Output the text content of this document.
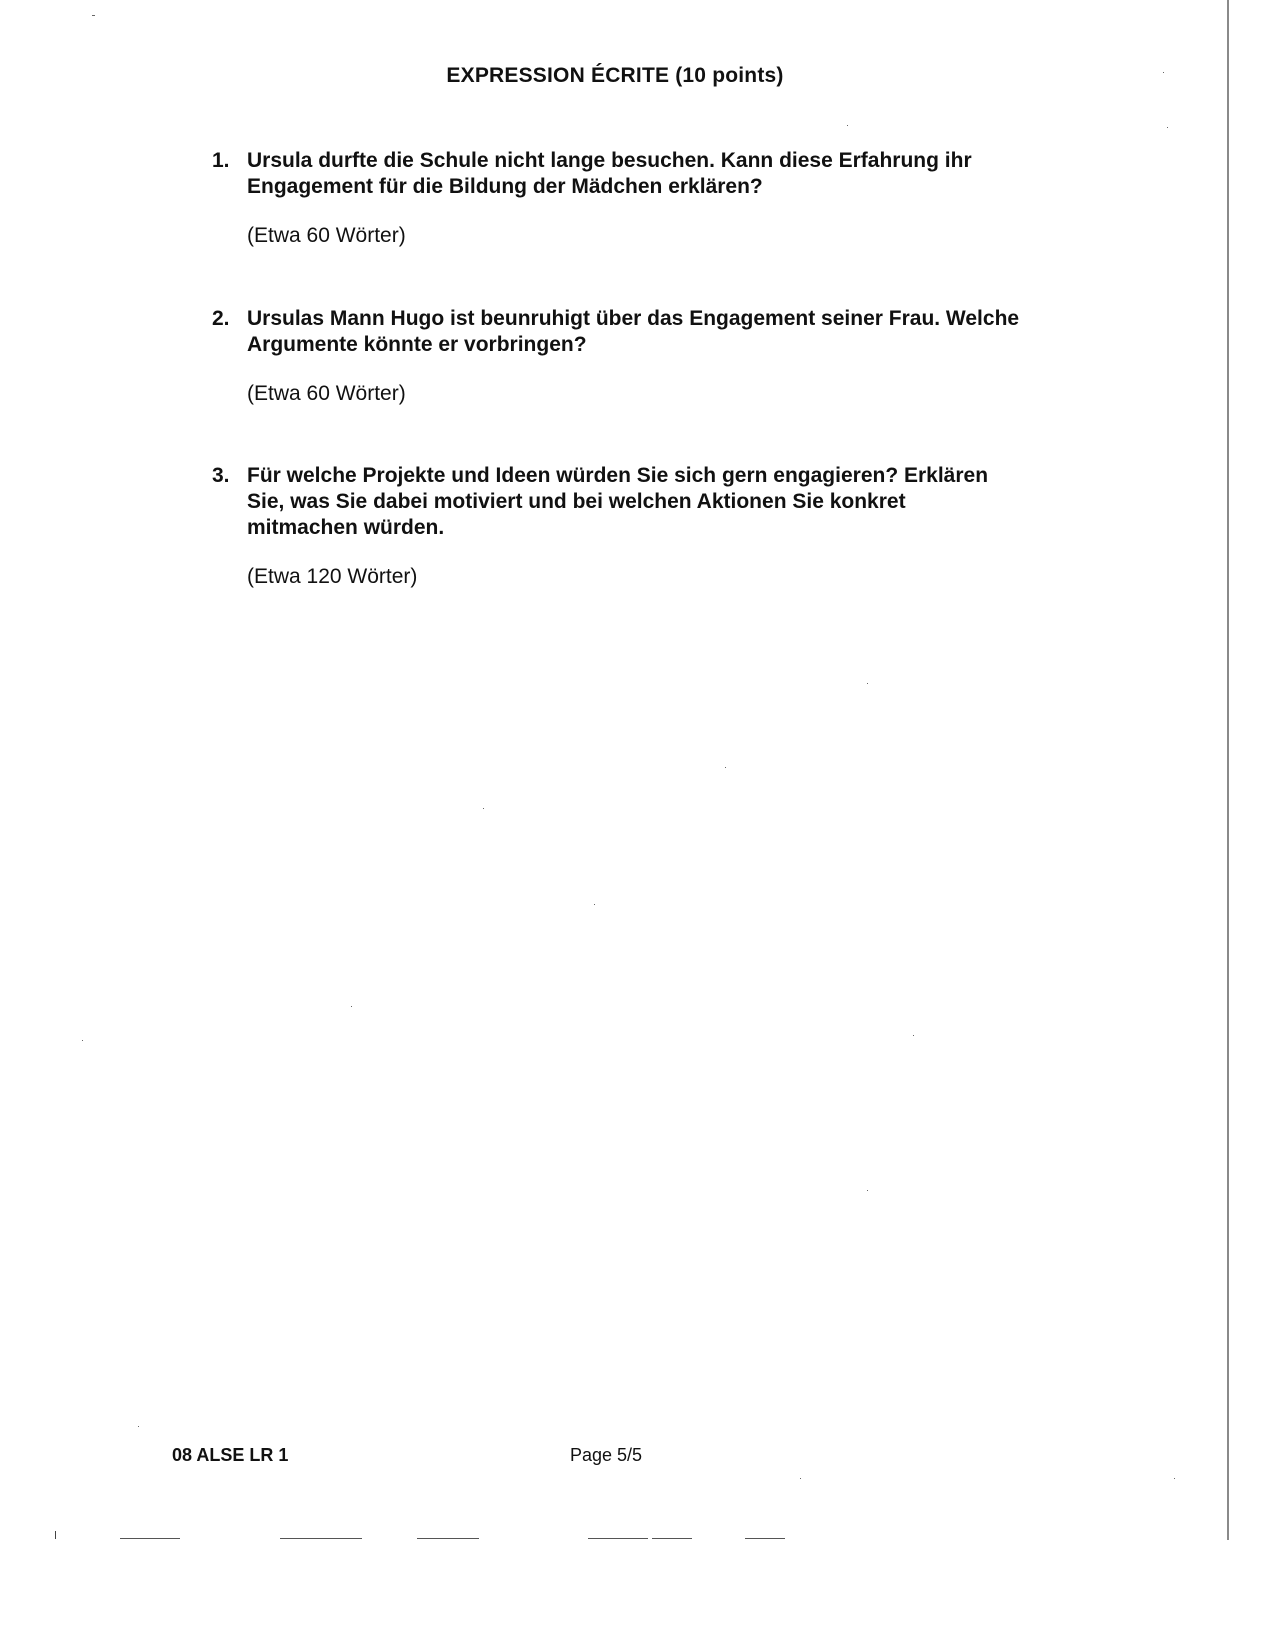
EXPRESSION ÉCRITE (10 points)
1. Ursula durfte die Schule nicht lange besuchen. Kann diese Erfahrung ihr Engagement für die Bildung der Mädchen erklären?
(Etwa 60 Wörter)
2. Ursulas Mann Hugo ist beunruhigt über das Engagement seiner Frau. Welche Argumente könnte er vorbringen?
(Etwa 60 Wörter)
3. Für welche Projekte und Ideen würden Sie sich gern engagieren? Erklären Sie, was Sie dabei motiviert und bei welchen Aktionen Sie konkret mitmachen würden.
(Etwa 120 Wörter)
08 ALSE LR 1	Page 5/5
